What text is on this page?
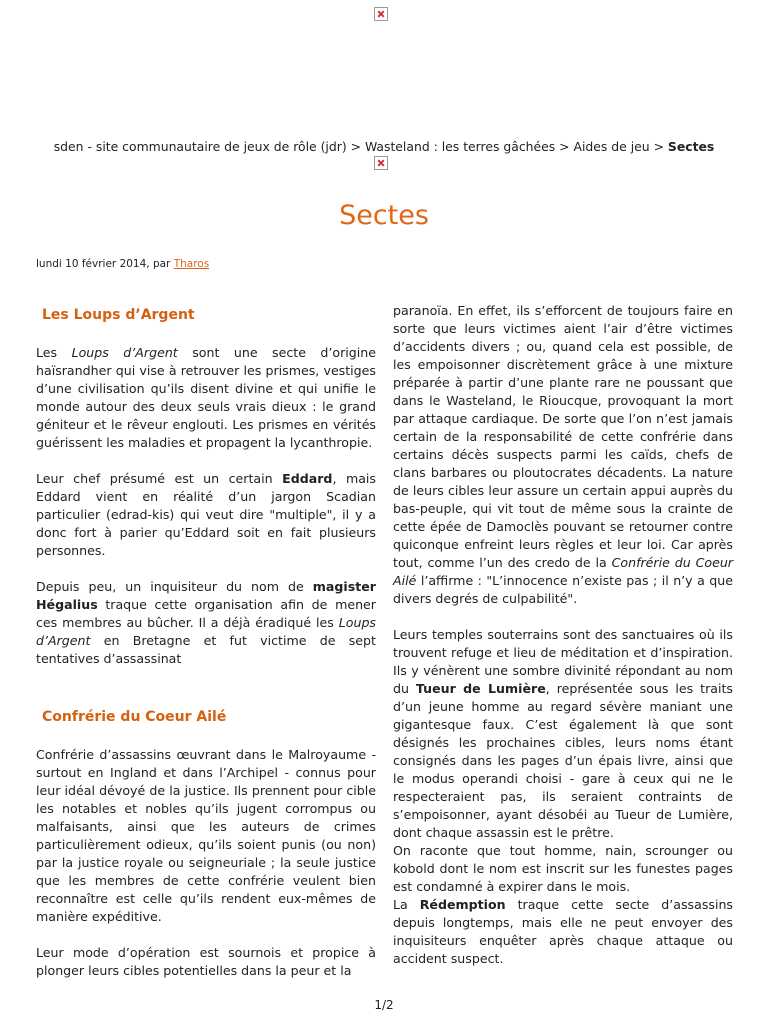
sden - site communautaire de jeux de rôle (jdr) > Wasteland : les terres gâchées > Aides de jeu > Sectes
Sectes
lundi 10 février 2014, par Tharos
Les Loups d’Argent

Les Loups d’Argent sont une secte d’origine haïsrandher qui vise à retrouver les prismes, vestiges d’une civilisation qu’ils disent divine et qui unifie le monde autour des deux seuls vrais dieux : le grand géniteur et le rêveur englouti. Les prismes en vérités guérissent les maladies et propagent la lycanthropie.

Leur chef présumé est un certain Eddard, mais Eddard vient en réalité d’un jargon Scadian particulier (edrad-kis) qui veut dire "multiple", il y a donc fort à parier qu’Eddard soit en fait plusieurs personnes.

Depuis peu, un inquisiteur du nom de magister Hégalius traque cette organisation afin de mener ces membres au bûcher. Il a déjà éradiqué les Loups d’Argent en Bretagne et fut victime de sept tentatives d’assassinat

Confrérie du Coeur Ailé

Confrérie d’assassins œuvrant dans le Malroyaume - surtout en Ingland et dans l’Archipel - connus pour leur idéal dévoyé de la justice. Ils prennent pour cible les notables et nobles qu’ils jugent corrompus ou malfaisants, ainsi que les auteurs de crimes particulièrement odieux, qu’ils soient punis (ou non) par la justice royale ou seigneuriale ; la seule justice que les membres de cette confrérie veulent bien reconnaître est celle qu’ils rendent eux-mêmes de manière expéditive.

Leur mode d’opération est sournois et propice à plonger leurs cibles potentielles dans la peur et la

paranoïa. En effet, ils s’efforcent de toujours faire en sorte que leurs victimes aient l’air d’être victimes d’accidents divers ; ou, quand cela est possible, de les empoisonner discrètement grâce à une mixture préparée à partir d’une plante rare ne poussant que dans le Wasteland, le Rioucque, provoquant la mort par attaque cardiaque. De sorte que l’on n’est jamais certain de la responsabilité de cette confrérie dans certains décès suspects parmi les caïds, chefs de clans barbares ou ploutocrates décadents. La nature de leurs cibles leur assure un certain appui auprès du bas-peuple, qui vit tout de même sous la crainte de cette épée de Damoclès pouvant se retourner contre quiconque enfreint leurs règles et leur loi. Car après tout, comme l’un des credo de la Confrérie du Coeur Ailé l’affirme : "L’innocence n’existe pas ; il n’y a que divers degrés de culpabilité".

Leurs temples souterrains sont des sanctuaires où ils trouvent refuge et lieu de méditation et d’inspiration. Ils y vénèrent une sombre divinité répondant au nom du Tueur de Lumière, représentée sous les traits d’un jeune homme au regard sévère maniant une gigantesque faux. C’est également là que sont désignés les prochaines cibles, leurs noms étant consignés dans les pages d’un épais livre, ainsi que le modus operandi choisi - gare à ceux qui ne le respecteraient pas, ils seraient contraints de s’empoisonner, ayant désobéi au Tueur de Lumière, dont chaque assassin est le prêtre.

On raconte que tout homme, nain, scrounger ou kobold dont le nom est inscrit sur les funestes pages est condamné à expirer dans le mois.

La Rédemption traque cette secte d’assassins depuis longtemps, mais elle ne peut envoyer des inquisiteurs enquêter après chaque attaque ou accident suspect.

1/2
